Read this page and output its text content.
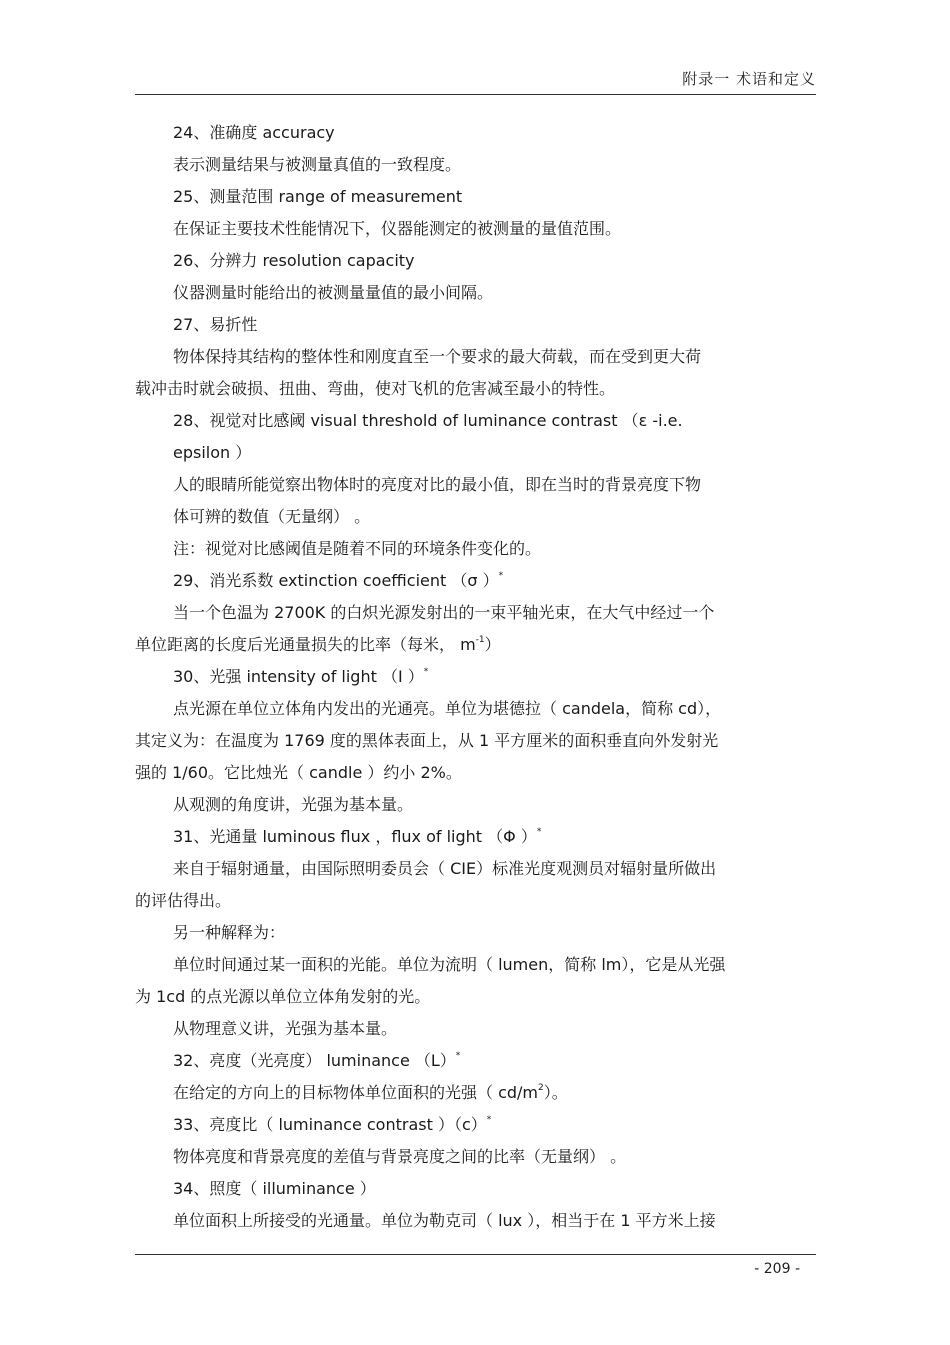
附录一 术语和定义
24、准确度 accuracy
表示测量结果与被测量真值的一致程度。
25、测量范围 range of measurement
在保证主要技术性能情况下，仪器能测定的被测量的量值范围。
26、分辨力 resolution capacity
仪器测量时能给出的被测量量值的最小间隔。
27、易折性
物体保持其结构的整体性和刚度直至一个要求的最大荷载，而在受到更大荷
载冲击时就会破损、扭曲、弯曲，使对飞机的危害减至最小的特性。
28、视觉对比感阈 visual threshold of luminance contrast （ε -i.e.
epsilon ）
人的眼睛所能觉察出物体时的亮度对比的最小值，即在当时的背景亮度下物
体可辨的数值（无量纲） 。
注：视觉对比感阈值是随着不同的环境条件变化的。
29、消光系数 extinction coefficient （σ ）*
当一个色温为 2700K 的白炽光源发射出的一束平轴光束，在大气中经过一个
单位距离的长度后光通量损失的比率（每米， $m^{-1}$）
30、光强 intensity of light （I ）*
点光源在单位立体角内发出的光通亮。单位为堪德拉（ candela，简称 cd），
其定义为：在温度为 1769 度的黑体表面上，从 1 平方厘米的面积垂直向外发射光
强的 1/60。它比烛光（ candle ）约小 2%。
从观测的角度讲，光强为基本量。
31、光通量 luminous flux ，flux of light （Φ ）*
来自于辐射通量，由国际照明委员会（ CIE）标准光度观测员对辐射量所做出
的评估得出。
另一种解释为：
单位时间通过某一面积的光能。单位为流明（ lumen，简称 lm），它是从光强
为 1cd 的点光源以单位立体角发射的光。
从物理意义讲，光强为基本量。
32、亮度（光亮度） luminance （L）*
在给定的方向上的目标物体单位面积的光强（ $cd/m^2$）。
33、亮度比（ luminance contrast ）（c）*
物体亮度和背景亮度的差值与背景亮度之间的比率（无量纲） 。
34、照度（ illuminance ）
单位面积上所接受的光通量。单位为勒克司（ lux ），相当于在 1 平方米上接
- 209 -
